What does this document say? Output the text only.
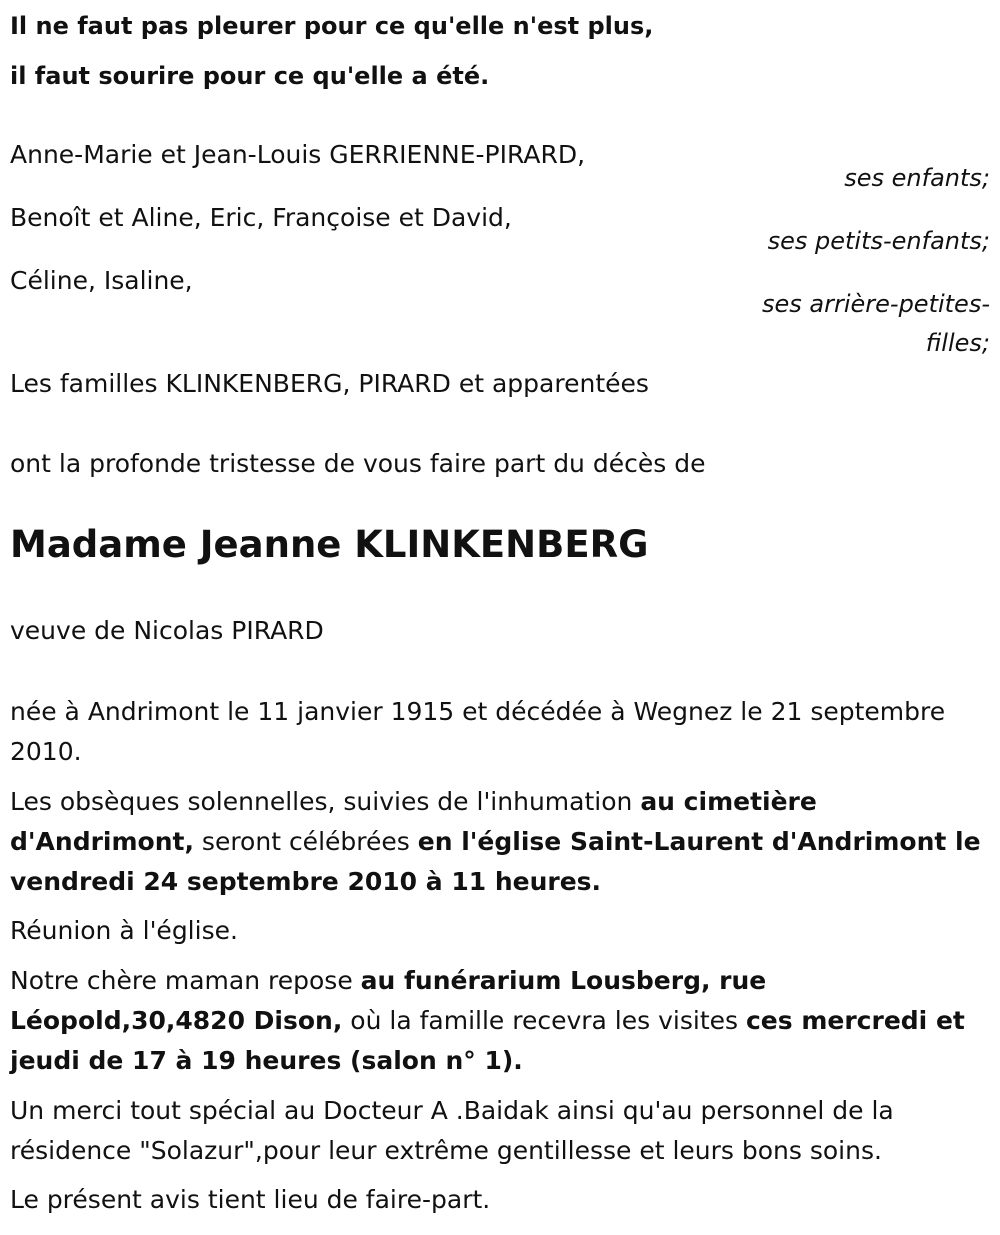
Il ne faut pas pleurer pour ce qu'elle n'est plus,
il faut sourire pour ce qu'elle a été.
Anne-Marie et Jean-Louis GERRIENNE-PIRARD,
ses enfants;
Benoît et Aline, Eric, Françoise et David,
ses petits-enfants;
Céline, Isaline,
ses arrière-petites-
filles;
Les familles KLINKENBERG, PIRARD et apparentées
ont la profonde tristesse de vous faire part du décès de
Madame Jeanne KLINKENBERG
veuve de Nicolas PIRARD
née à Andrimont le 11 janvier 1915 et décédée à Wegnez le 21 septembre
2010.
Les obsèques solennelles, suivies de l'inhumation au cimetière d'Andrimont, seront célébrées en l'église Saint-Laurent d'Andrimont le vendredi 24 septembre 2010 à 11 heures.
Réunion à l'église.
Notre chère maman repose au funérarium Lousberg, rue Léopold,30,4820 Dison, où la famille recevra les visites ces mercredi et jeudi de 17 à 19 heures (salon n° 1).
Un merci tout spécial au Docteur A .Baidak ainsi qu'au personnel de la résidence "Solazur",pour leur extrême gentillesse et leurs bons soins.
Le présent avis tient lieu de faire-part.
